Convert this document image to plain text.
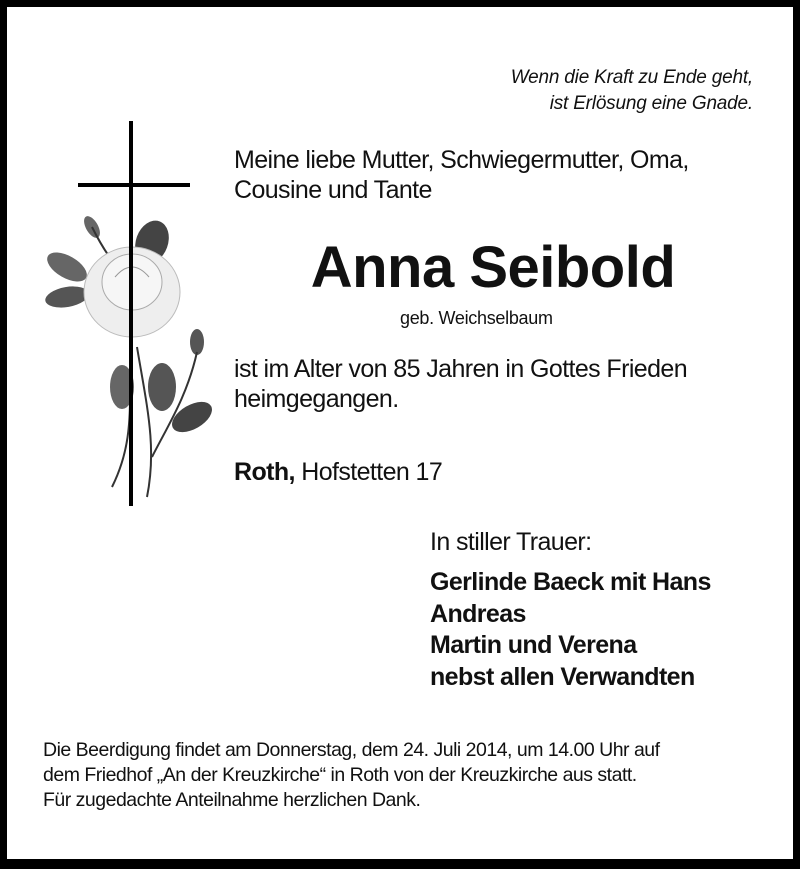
Wenn die Kraft zu Ende geht,
ist Erlösung eine Gnade.
Meine liebe Mutter, Schwiegermutter, Oma,
Cousine und Tante
Anna Seibold
geb. Weichselbaum
ist im Alter von 85 Jahren in Gottes Frieden
heimgegangen.
Roth, Hofstetten 17
In stiller Trauer:
Gerlinde Baeck mit Hans
Andreas
Martin und Verena
nebst allen Verwandten
Die Beerdigung findet am Donnerstag, dem 24. Juli 2014, um 14.00 Uhr auf
dem Friedhof „An der Kreuzkirche“ in Roth von der Kreuzkirche aus statt.
Für zugedachte Anteilnahme herzlichen Dank.
